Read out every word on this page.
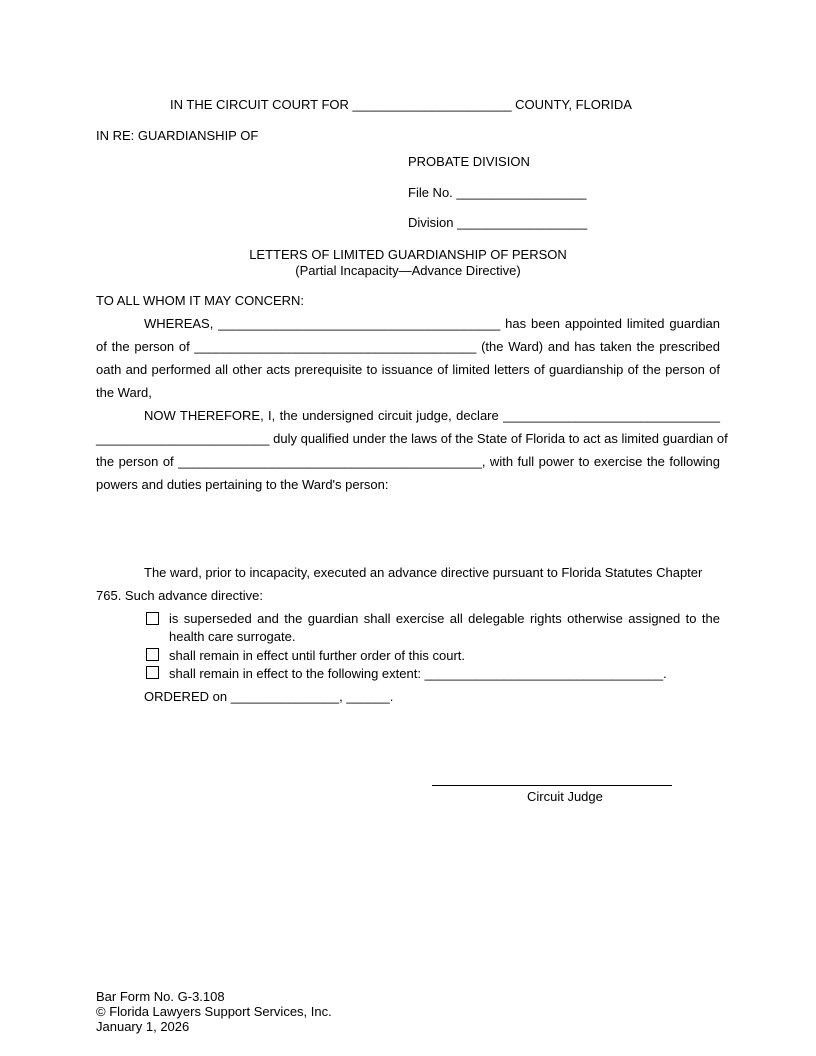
IN THE CIRCUIT COURT FOR ______________________ COUNTY, FLORIDA
IN RE: GUARDIANSHIP OF
PROBATE DIVISION
File No. __________________
Division __________________
LETTERS OF LIMITED GUARDIANSHIP OF PERSON
(Partial Incapacity—Advance Directive)
TO ALL WHOM IT MAY CONCERN:
WHEREAS, _______________________________________ has been appointed limited guardian
of the person of _______________________________________ (the Ward) and has taken the prescribed
oath and performed all other acts prerequisite to issuance of limited letters of guardianship of the person of
the Ward,
NOW THEREFORE, I, the undersigned circuit judge, declare ______________________________
________________________ duly qualified under the laws of the State of Florida to act as limited guardian of
the person of __________________________________________, with full power to exercise the following
powers and duties pertaining to the Ward's person:
The ward, prior to incapacity, executed an advance directive pursuant to Florida Statutes Chapter
765. Such advance directive:
is superseded and the guardian shall exercise all delegable rights otherwise assigned to the
health care surrogate.
shall remain in effect until further order of this court.
shall remain in effect to the following extent: _________________________________.
ORDERED on _______________, ______.
Circuit Judge
Bar Form No. G-3.108
© Florida Lawyers Support Services, Inc.
January 1, 2026
